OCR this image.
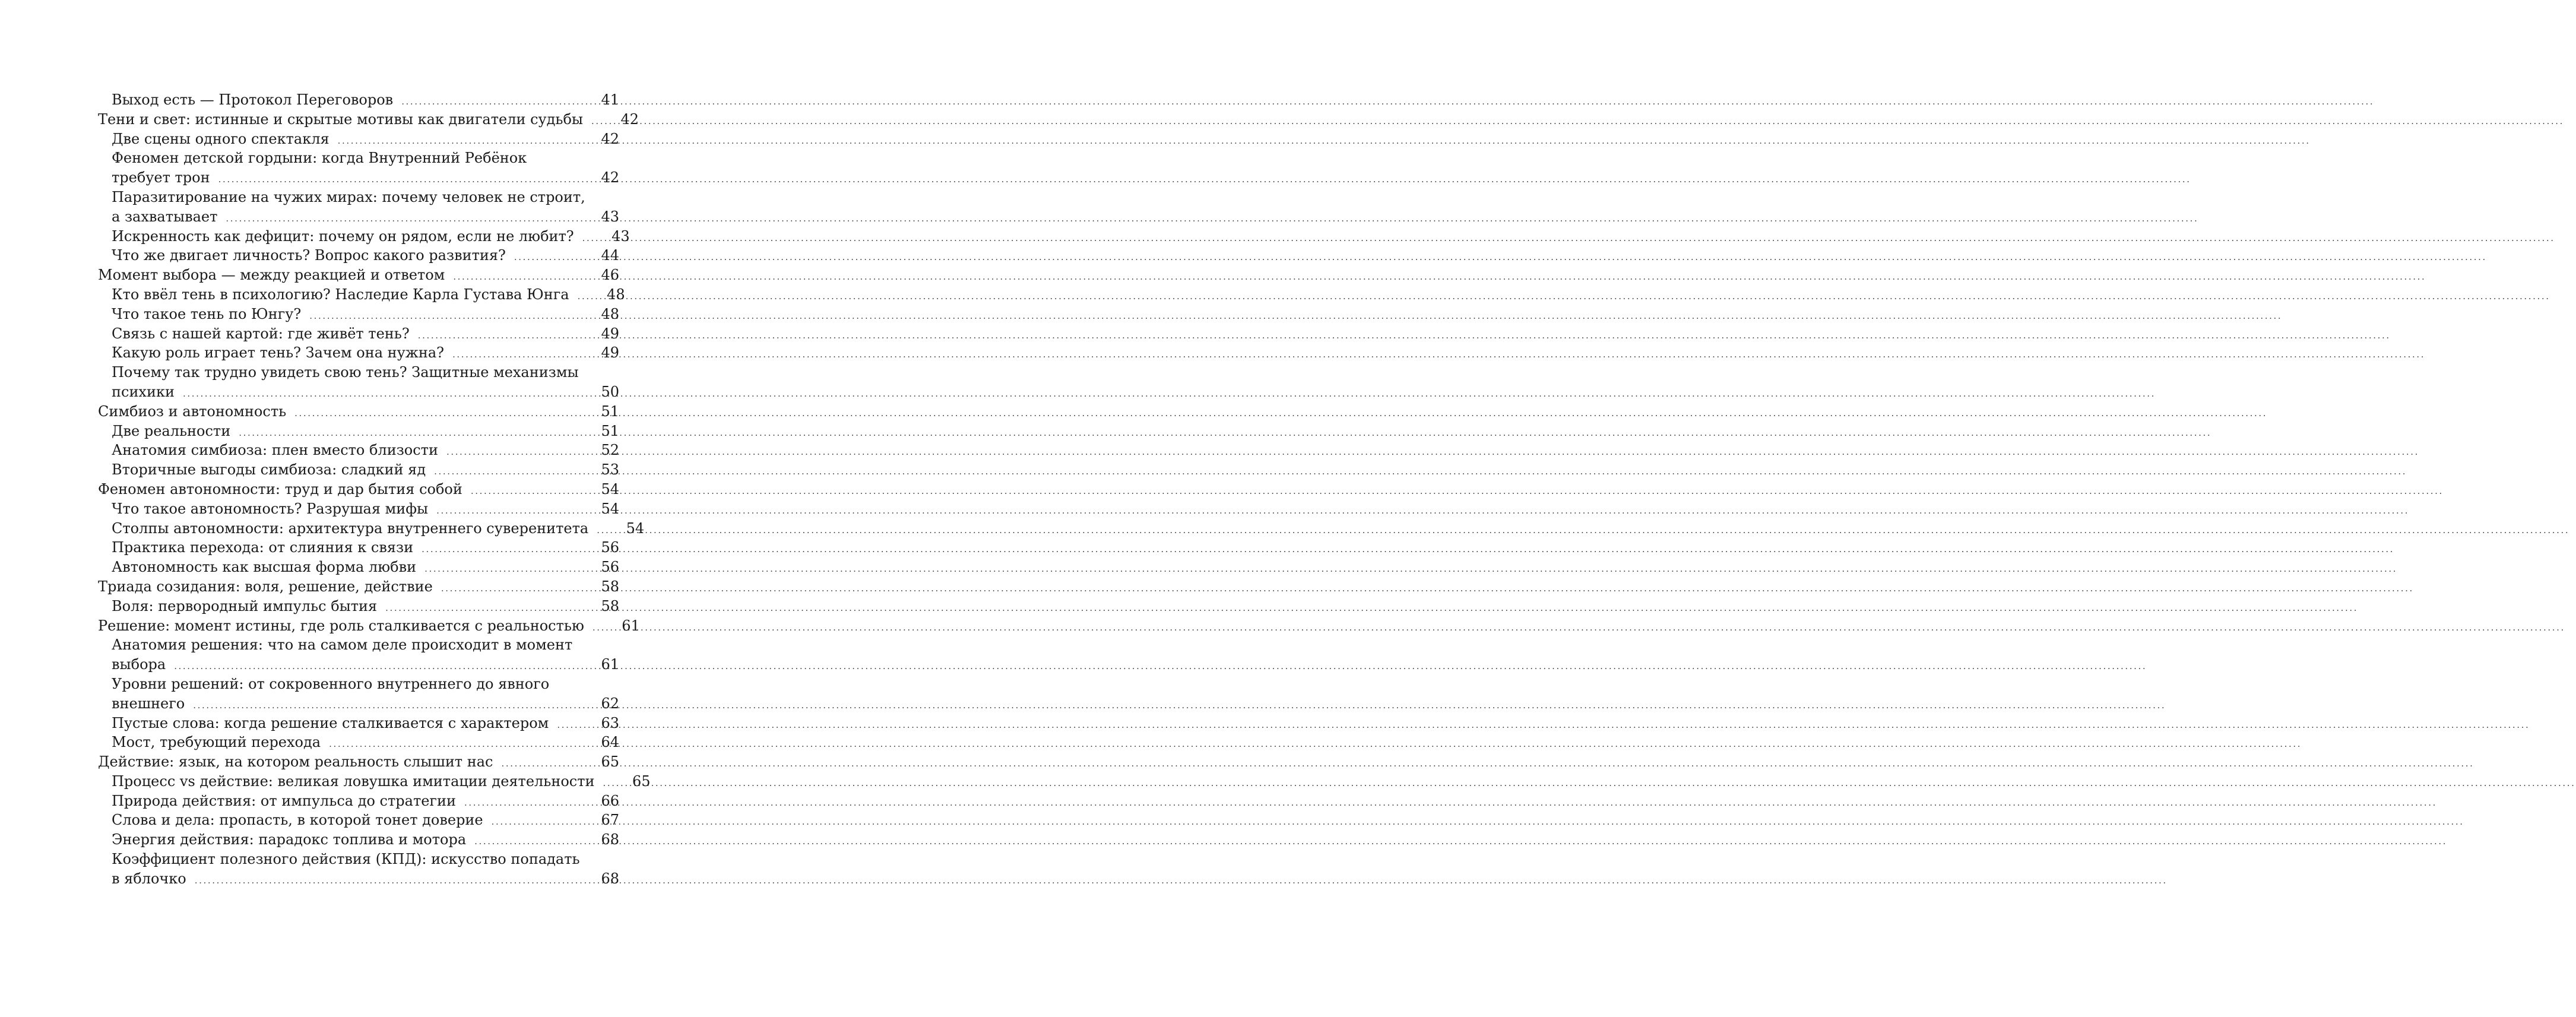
Выход есть — Протокол Переговоров .....	41
Тени и свет: истинные и скрытые мотивы как двигатели судьбы .....	42
Две сцены одного спектакля .....	42
Феномен детской гордыни: когда Внутренний Ребёнок
требует трон .....	42
Паразитирование на чужих мирах: почему человек не строит,
а захватывает .....	43
Искренность как дефицит: почему он рядом, если не любит? .....	43
Что же двигает личность? Вопрос какого развития? .....	44
Момент выбора — между реакцией и ответом .....	46
Кто ввёл тень в психологию? Наследие Карла Густава Юнга .....	48
Что такое тень по Юнгу? .....	48
Связь с нашей картой: где живёт тень? .....	49
Какую роль играет тень? Зачем она нужна? .....	49
Почему так трудно увидеть свою тень? Защитные механизмы
психики .....	50
Симбиоз и автономность .....	51
Две реальности .....	51
Анатомия симбиоза: плен вместо близости .....	52
Вторичные выгоды симбиоза: сладкий яд .....	53
Феномен автономности: труд и дар бытия собой .....	54
Что такое автономность? Разрушая мифы .....	54
Столпы автономности: архитектура внутреннего суверенитета .....	54
Практика перехода: от слияния к связи .....	56
Автономность как высшая форма любви .....	56
Триада созидания: воля, решение, действие .....	58
Воля: первородный импульс бытия .....	58
Решение: момент истины, где роль сталкивается с реальностью .....	61
Анатомия решения: что на самом деле происходит в момент
выбора .....	61
Уровни решений: от сокровенного внутреннего до явного
внешнего .....	62
Пустые слова: когда решение сталкивается с характером .....	63
Мост, требующий перехода .....	64
Действие: язык, на котором реальность слышит нас .....	65
Процесс vs действие: великая ловушка имитации деятельности .....	65
Природа действия: от импульса до стратегии .....	66
Слова и дела: пропасть, в которой тонет доверие .....	67
Энергия действия: парадокс топлива и мотора .....	68
Коэффициент полезного действия (КПД): искусство попадать
в яблочко .....	68
